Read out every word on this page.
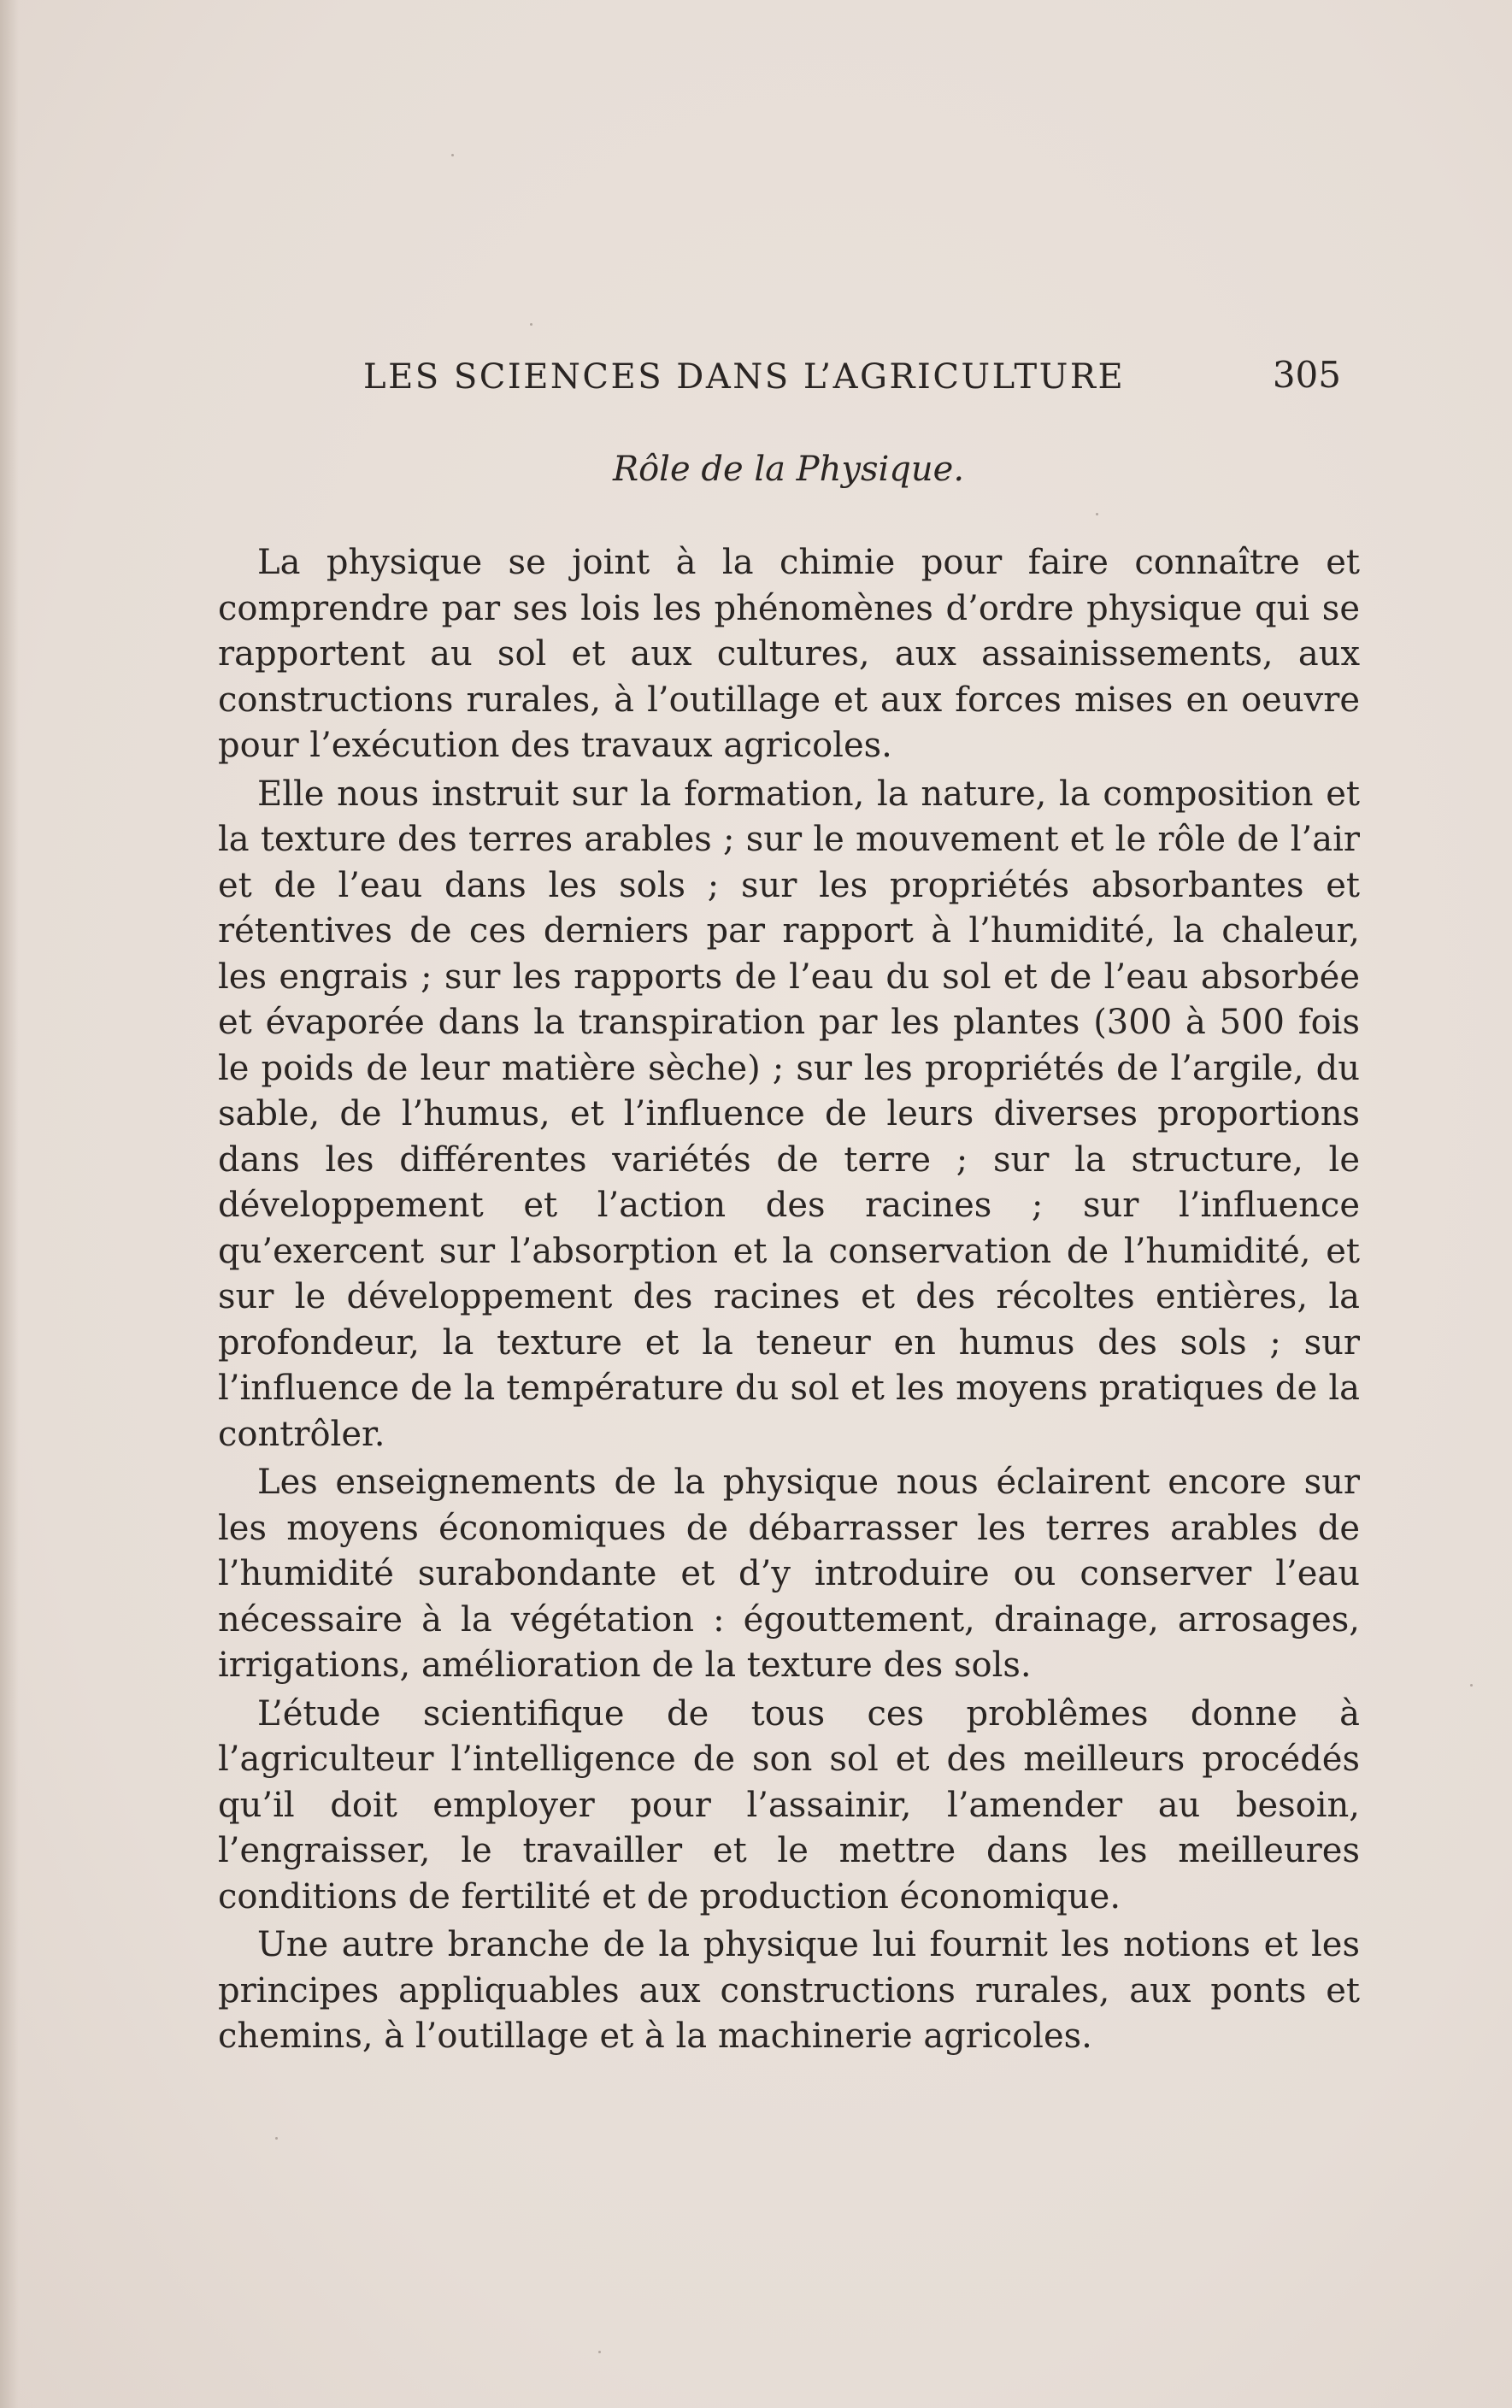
LES SCIENCES DANS L’AGRICULTURE	305
Rôle de la Physique.

La physique se joint à la chimie pour faire connaître et comprendre par ses lois les phénomènes d’ordre physique qui se rapportent au sol et aux cultures, aux assainissements, aux constructions rurales, à l’outillage et aux forces mises en oeuvre pour l’exécution des travaux agricoles.

Elle nous instruit sur la formation, la nature, la composition et la texture des terres arables ; sur le mouvement et le rôle de l’air et de l’eau dans les sols ; sur les propriétés absorbantes et rétentives de ces derniers par rapport à l’humidité, la chaleur, les engrais ; sur les rapports de l’eau du sol et de l’eau absorbée et évaporée dans la transpiration par les plantes (300 à 500 fois le poids de leur matière sèche) ; sur les propriétés de l’argile, du sable, de l’humus, et l’influence de leurs diverses proportions dans les différentes variétés de terre ; sur la structure, le développement et l’action des racines ; sur l’influence qu’exercent sur l’absorption et la conservation de l’humidité, et sur le développement des racines et des récoltes entières, la profondeur, la texture et la teneur en humus des sols ; sur l’influence de la température du sol et les moyens pratiques de la contrôler.

Les enseignements de la physique nous éclairent encore sur les moyens économiques de débarrasser les terres arables de l’humidité surabondante et d’y introduire ou conserver l’eau nécessaire à la végétation : égouttement, drainage, arrosages, irrigations, amélioration de la texture des sols.

L’étude scientifique de tous ces problêmes donne à l’agriculteur l’intelligence de son sol et des meilleurs procédés qu’il doit employer pour l’assainir, l’amender au besoin, l’engraisser, le travailler et le mettre dans les meilleures conditions de fertilité et de production économique.

Une autre branche de la physique lui fournit les notions et les principes appliquables aux constructions rurales, aux ponts et chemins, à l’outillage et à la machinerie agricoles.
